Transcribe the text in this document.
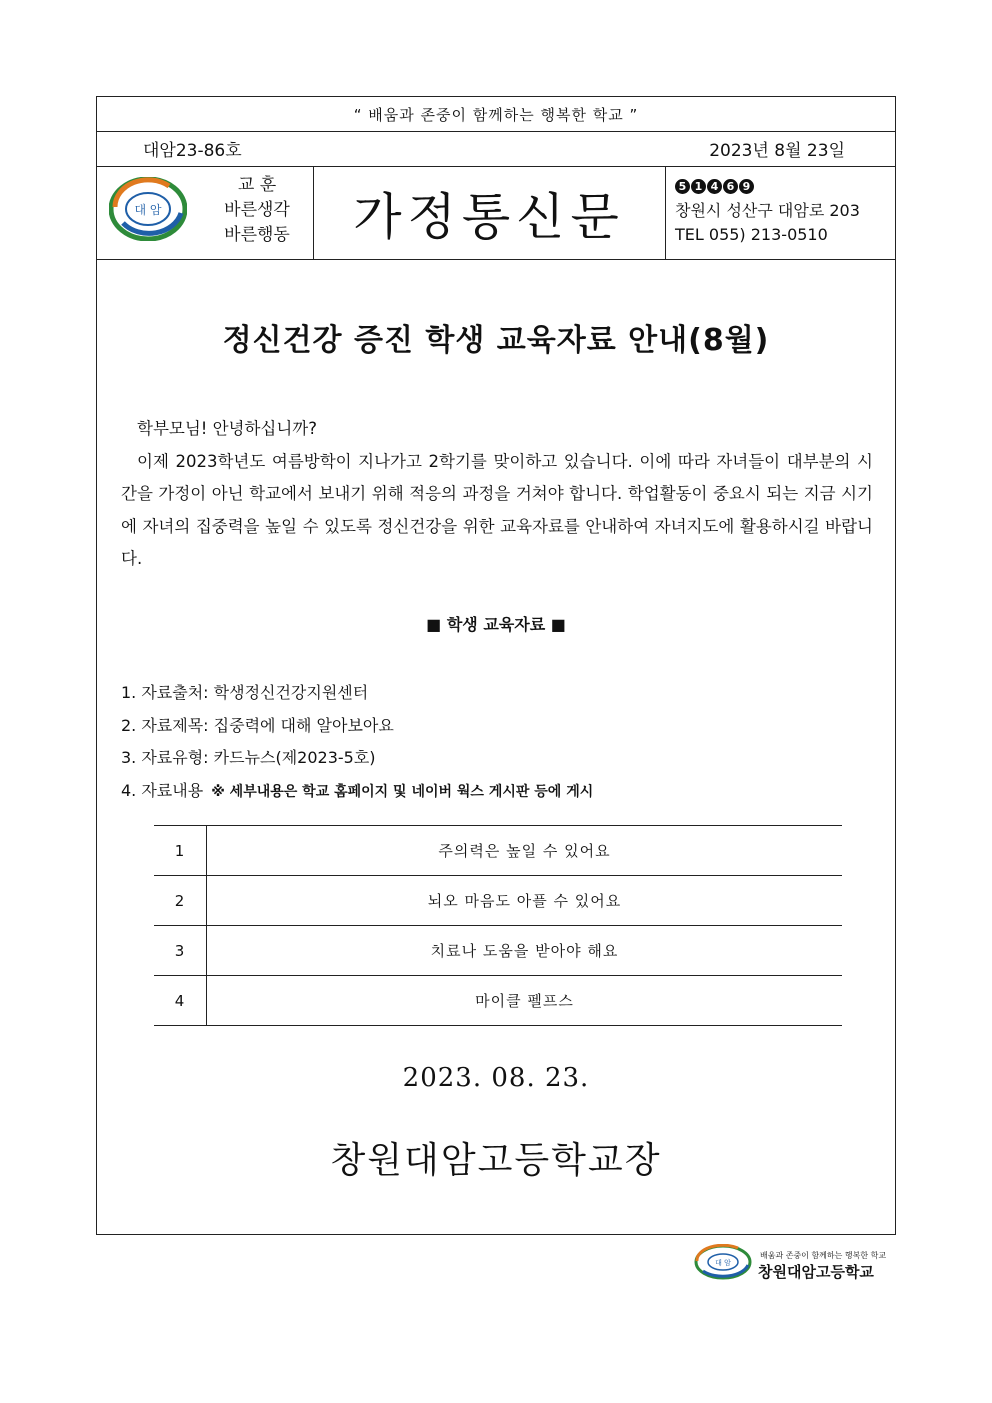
“ 배움과 존중이 함께하는 행복한 학교 ”
대암23-86호	2023년 8월 23일
대 암
교 훈
바른생각
바른행동	가정통신문
5 1 4 6 9
창원시 성산구 대암로 203
TEL 055) 213-0510
정신건강 증진 학생 교육자료 안내(8월)

학부모님! 안녕하십니까?

이제 2023학년도 여름방학이 지나가고 2학기를 맞이하고 있습니다. 이에 따라 자녀들이 대부분의 시간을 가정이 아닌 학교에서 보내기 위해 적응의 과정을 거쳐야 합니다. 학업활동이 중요시 되는 지금 시기에 자녀의 집중력을 높일 수 있도록 정신건강을 위한 교육자료를 안내하여 자녀지도에 활용하시길 바랍니다.

■ 학생 교육자료 ■
1. 자료출처: 학생정신건강지원센터
2. 자료제목: 집중력에 대해 알아보아요
3. 자료유형: 카드뉴스(제2023-5호)
4. 자료내용 ※ 세부내용은 학교 홈페이지 및 네이버 웍스 게시판 등에 게시
1	주의력은 높일 수 있어요
2	뇌오 마음도 아플 수 있어요
3	치료나 도움을 받아야 해요
4	마이클 펠프스
2023. 08. 23.
창원대암고등학교장
대 암
배움과 존중이 함께하는 행복한 학교
창원대암고등학교
